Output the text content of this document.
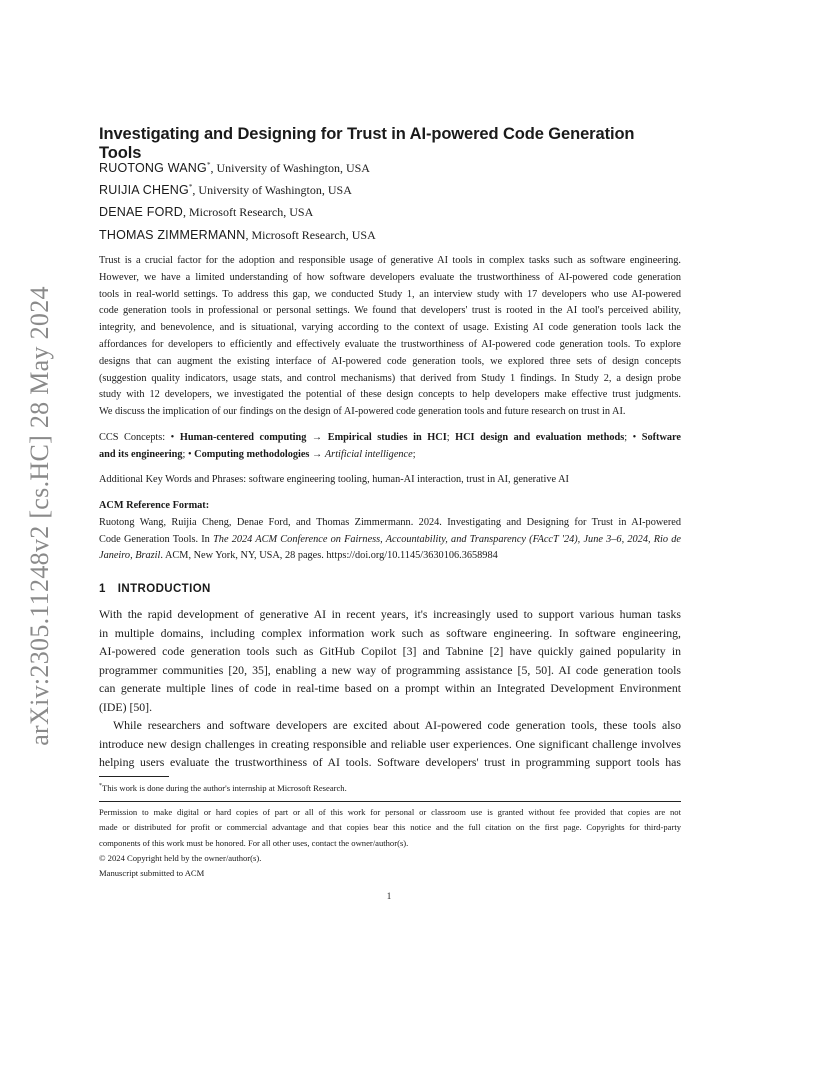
arXiv:2305.11248v2 [cs.HC] 28 May 2024
Investigating and Designing for Trust in AI-powered Code Generation Tools
RUOTONG WANG*, University of Washington, USA
RUIJIA CHENG*, University of Washington, USA
DENAE FORD, Microsoft Research, USA
THOMAS ZIMMERMANN, Microsoft Research, USA
Trust is a crucial factor for the adoption and responsible usage of generative AI tools in complex tasks such as software engineering.
However, we have a limited understanding of how software developers evaluate the trustworthiness of AI-powered code generation
tools in real-world settings. To address this gap, we conducted Study 1, an interview study with 17 developers who use AI-powered
code generation tools in professional or personal settings. We found that developers' trust is rooted in the AI tool's perceived ability,
integrity, and benevolence, and is situational, varying according to the context of usage. Existing AI code generation tools lack the
affordances for developers to efficiently and effectively evaluate the trustworthiness of AI-powered code generation tools. To explore
designs that can augment the existing interface of AI-powered code generation tools, we explored three sets of design concepts
(suggestion quality indicators, usage stats, and control mechanisms) that derived from Study 1 findings. In Study 2, a design probe
study with 12 developers, we investigated the potential of these design concepts to help developers make effective trust judgments.
We discuss the implication of our findings on the design of AI-powered code generation tools and future research on trust in AI.
CCS Concepts: • Human-centered computing → Empirical studies in HCI; HCI design and evaluation methods; • Software
and its engineering; • Computing methodologies → Artificial intelligence;
Additional Key Words and Phrases: software engineering tooling, human-AI interaction, trust in AI, generative AI
ACM Reference Format:
Ruotong Wang, Ruijia Cheng, Denae Ford, and Thomas Zimmermann. 2024. Investigating and Designing for Trust in AI-powered
Code Generation Tools. In The 2024 ACM Conference on Fairness, Accountability, and Transparency (FAccT '24), June 3–6, 2024, Rio de
Janeiro, Brazil. ACM, New York, NY, USA, 28 pages. https://doi.org/10.1145/3630106.3658984
1 INTRODUCTION
With the rapid development of generative AI in recent years, it's increasingly used to support various human tasks
in multiple domains, including complex information work such as software engineering. In software engineering,
AI-powered code generation tools such as GitHub Copilot [3] and Tabnine [2] have quickly gained popularity in
programmer communities [20, 35], enabling a new way of programming assistance [5, 50]. AI code generation tools
can generate multiple lines of code in real-time based on a prompt within an Integrated Development Environment
(IDE) [50].
While researchers and software developers are excited about AI-powered code generation tools, these tools also
introduce new design challenges in creating responsible and reliable user experiences. One significant challenge involves
helping users evaluate the trustworthiness of AI tools. Software developers' trust in programming support tools has
*This work is done during the author's internship at Microsoft Research.
Permission to make digital or hard copies of part or all of this work for personal or classroom use is granted without fee provided that copies are not
made or distributed for profit or commercial advantage and that copies bear this notice and the full citation on the first page. Copyrights for third-party
components of this work must be honored. For all other uses, contact the owner/author(s).
© 2024 Copyright held by the owner/author(s).
Manuscript submitted to ACM
1
